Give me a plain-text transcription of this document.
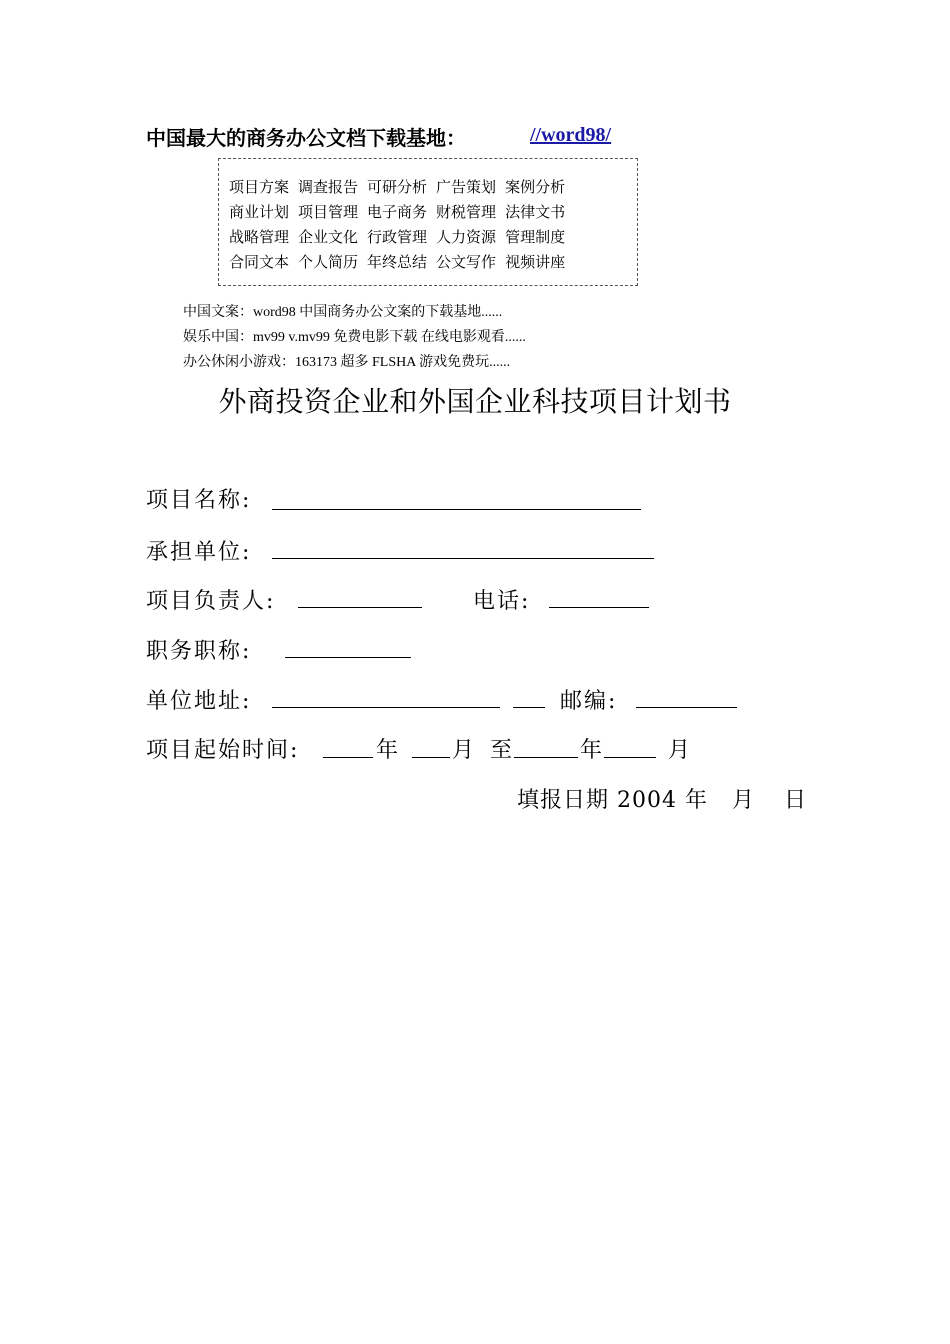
中国最大的商务办公文档下载基地：	//word98/
项目方案 调查报告 可研分析 广告策划 案例分析
商业计划 项目管理 电子商务 财税管理 法律文书
战略管理 企业文化 行政管理 人力资源 管理制度
合同文本 个人简历 年终总结 公文写作 视频讲座
中国文案：word98 中国商务办公文案的下载基地......
娱乐中国：mv99 v.mv99 免费电影下载 在线电影观看......
办公休闲小游戏：163173 超多 FLSHA 游戏免费玩......
外商投资企业和外国企业科技项目计划书
项目名称:
承担单位:
项目负责人:	电话:
职务职称:
单位地址:	邮编:
项目起始时间:	年 月 至	年	月
填报日期 2004 年 月 日
